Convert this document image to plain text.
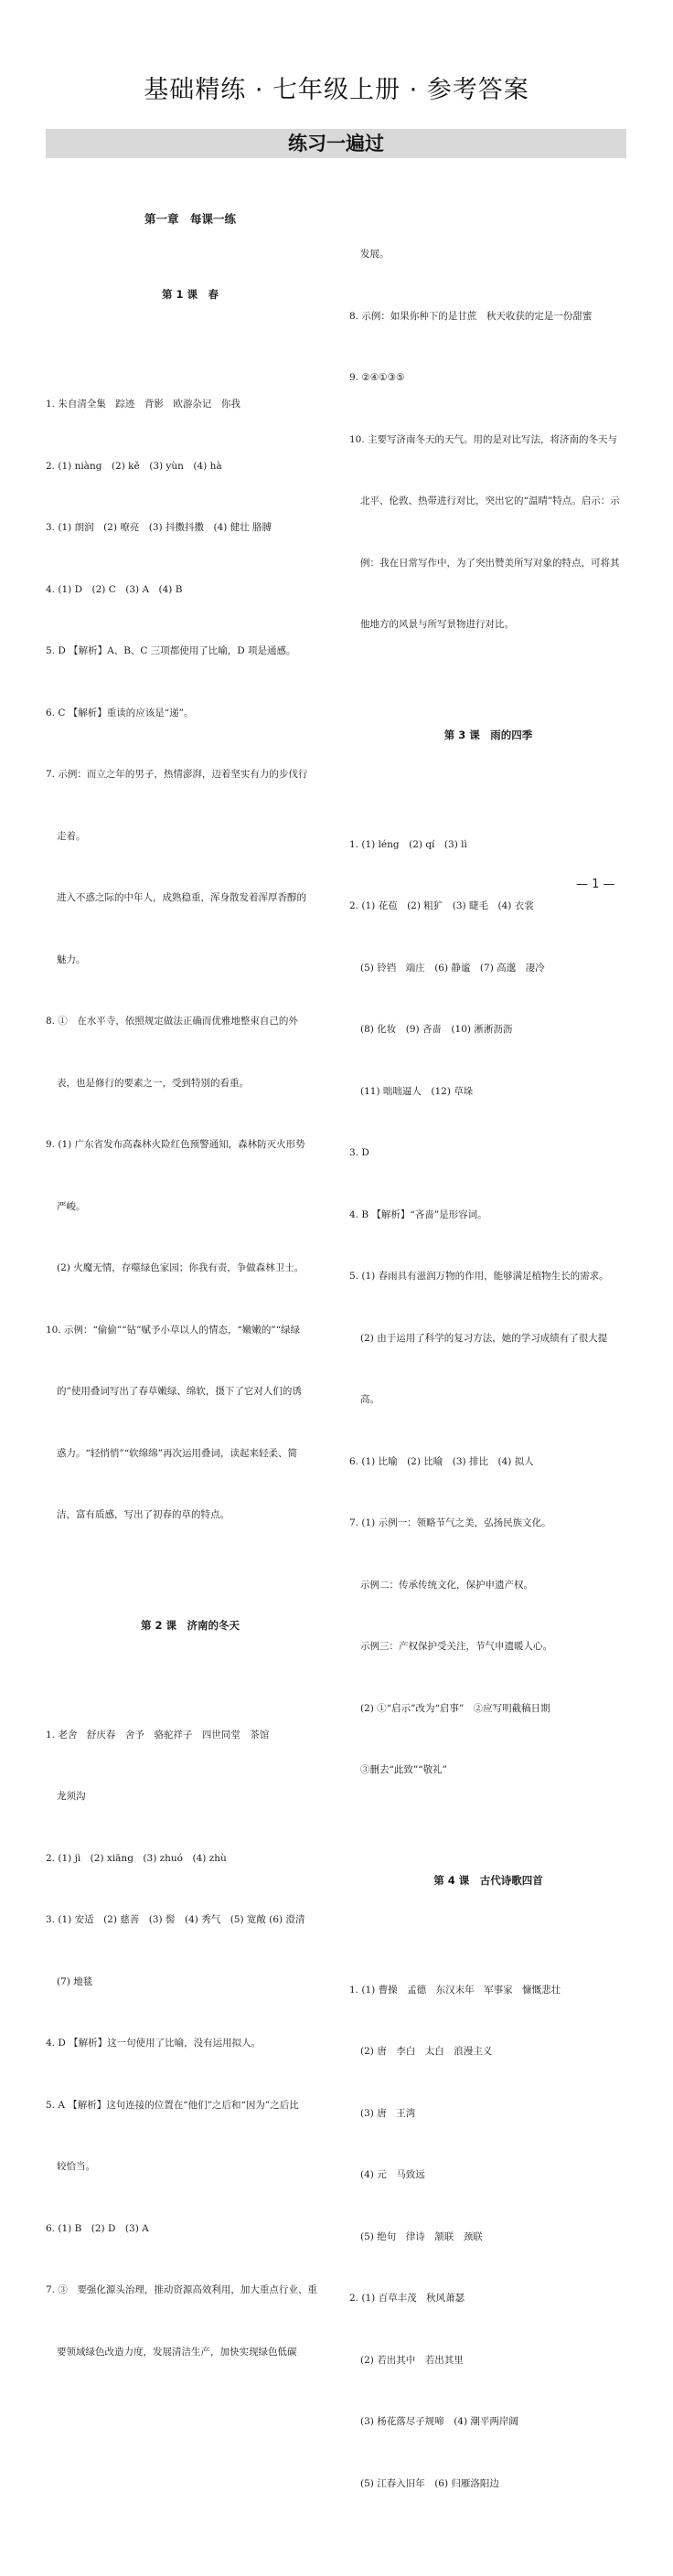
基础精练 · 七年级上册 · 参考答案
练习一遍过

第一章　每课一练

第 1 课　春

1. 朱自清全集　踪迹　背影　欧游杂记　你我

2. (1) niàng　(2) kě　(3) yùn　(4) hà

3. (1) 朗润　(2) 嘹亮　(3) 抖擞抖擞　(4) 健壮 胳膊

4. (1) D　(2) C　(3) A　(4) B

5. D 【解析】A、B、C 三项都使用了比喻，D 项是通感。

6. C 【解析】重读的应该是“递”。

7. 示例：而立之年的男子，热情澎湃，迈着坚实有力的步伐行

走着。

进入不惑之际的中年人，成熟稳重，浑身散发着浑厚香醇的

魅力。

8. ①　在水平寺，依照规定做法正确而优雅地整束自己的外

表，也是修行的要素之一，受到特别的看重。

9. (1) 广东省发布高森林火险红色预警通知，森林防灭火形势

严峻。

(2) 火魔无情，存噬绿色家园；你我有责，争做森林卫士。

10. 示例：“偷偷”“钻”赋予小草以人的情态，“嫩嫩的”“绿绿

的”使用叠词写出了春草嫩绿、绵软，摄下了它对人们的诱

惑力。“轻悄悄”“软绵绵”再次运用叠词，读起来轻柔、简

洁，富有质感，写出了初春的草的特点。

第 2 课　济南的冬天

1. 老舍　舒庆春　舍予　骆驼祥子　四世同堂　茶馆

龙须沟

2. (1) jì　(2) xiāng　(3) zhuó　(4) zhù

3. (1) 安适　(2) 慈善　(3) 髻　(4) 秀气　(5) 宽敞 (6) 澄清

(7) 地毯

4. D 【解析】这一句使用了比喻，没有运用拟人。

5. A 【解析】这句连接的位置在“他们”之后和“因为”之后比

较恰当。

6. (1) B　(2) D　(3) A

7. ③　要强化源头治理，推动资源高效利用，加大重点行业、重

要领域绿色改造力度，发展清洁生产，加快实现绿色低碳

发展。

8. 示例：如果你种下的是甘蔗　秋天收获的定是一份甜蜜

9. ②④①③⑤

10. 主要写济南冬天的天气。用的是对比写法，将济南的冬天与

北平、伦敦、热带进行对比，突出它的“温晴”特点。启示：示

例：我在日常写作中，为了突出赞美所写对象的特点，可将其

他地方的风景与所写景物进行对比。

第 3 课　雨的四季

1. (1) léng　(2) qí　(3) lì

2. (1) 花苞　(2) 粗犷　(3) 睫毛　(4) 衣裳

(5) 铃铛　端庄　(6) 静谧　(7) 高邈　凄冷

(8) 化妆　(9) 吝啬　(10) 淅淅沥沥

(11) 咄咄逼人　(12) 草垛

3. D

4. B 【解析】“吝啬”是形容词。

5. (1) 春雨具有滋润万物的作用，能够满足植物生长的需求。

(2) 由于运用了科学的复习方法，她的学习成绩有了很大提

高。

6. (1) 比喻　(2) 比喻　(3) 排比　(4) 拟人

7. (1) 示例一：领略节气之美，弘扬民族文化。

示例二：传承传统文化，保护申遗产权。

示例三：产权保护受关注，节气申遗暖人心。

(2) ①“启示”改为“启事”　②应写明截稿日期

③删去“此致”“敬礼”

第 4 课　古代诗歌四首

1. (1) 曹操　孟德　东汉末年　军事家　慷慨悲壮

(2) 唐　李白　太白　浪漫主义

(3) 唐　王湾

(4) 元　马致远

(5) 绝句　律诗　颔联　颈联

2. (1) 百草丰茂　秋风萧瑟

(2) 若出其中　若出其里

(3) 杨花落尽子规啼　(4) 潮平两岸阔

(5) 江春入旧年　(6) 归雁洛阳边

— 1 —
